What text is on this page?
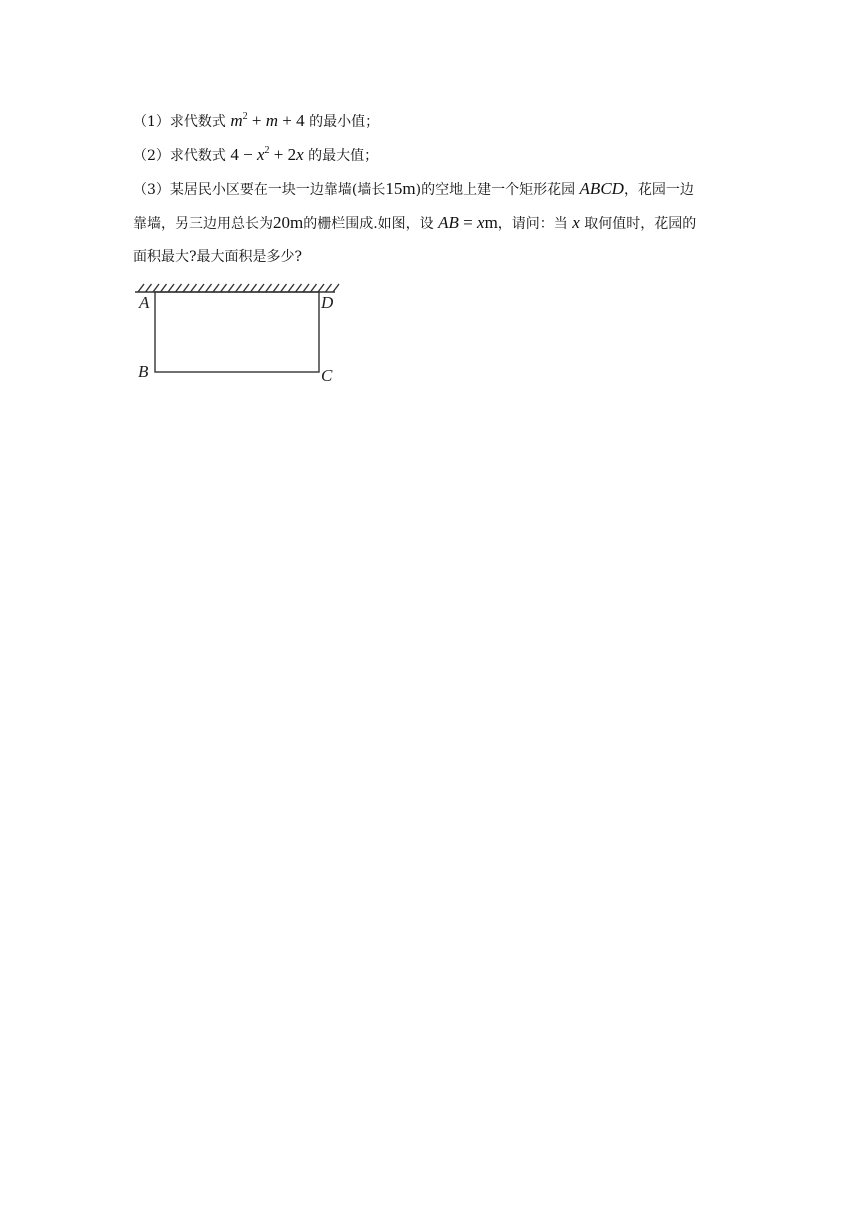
（1）求代数式 $m^2 + m + 4$ 的最小值；
（2）求代数式 $4 - x^2 + 2x$ 的最大值；
（3）某居民小区要在一块一边靠墙(墙长15m)的空地上建一个矩形花园 ABCD，花园一边
靠墙，另三边用总长为20m的栅栏围成.如图，设 AB = xm，请问：当 x 取何值时，花园的
面积最大?最大面积是多少?
A	D
B	C
